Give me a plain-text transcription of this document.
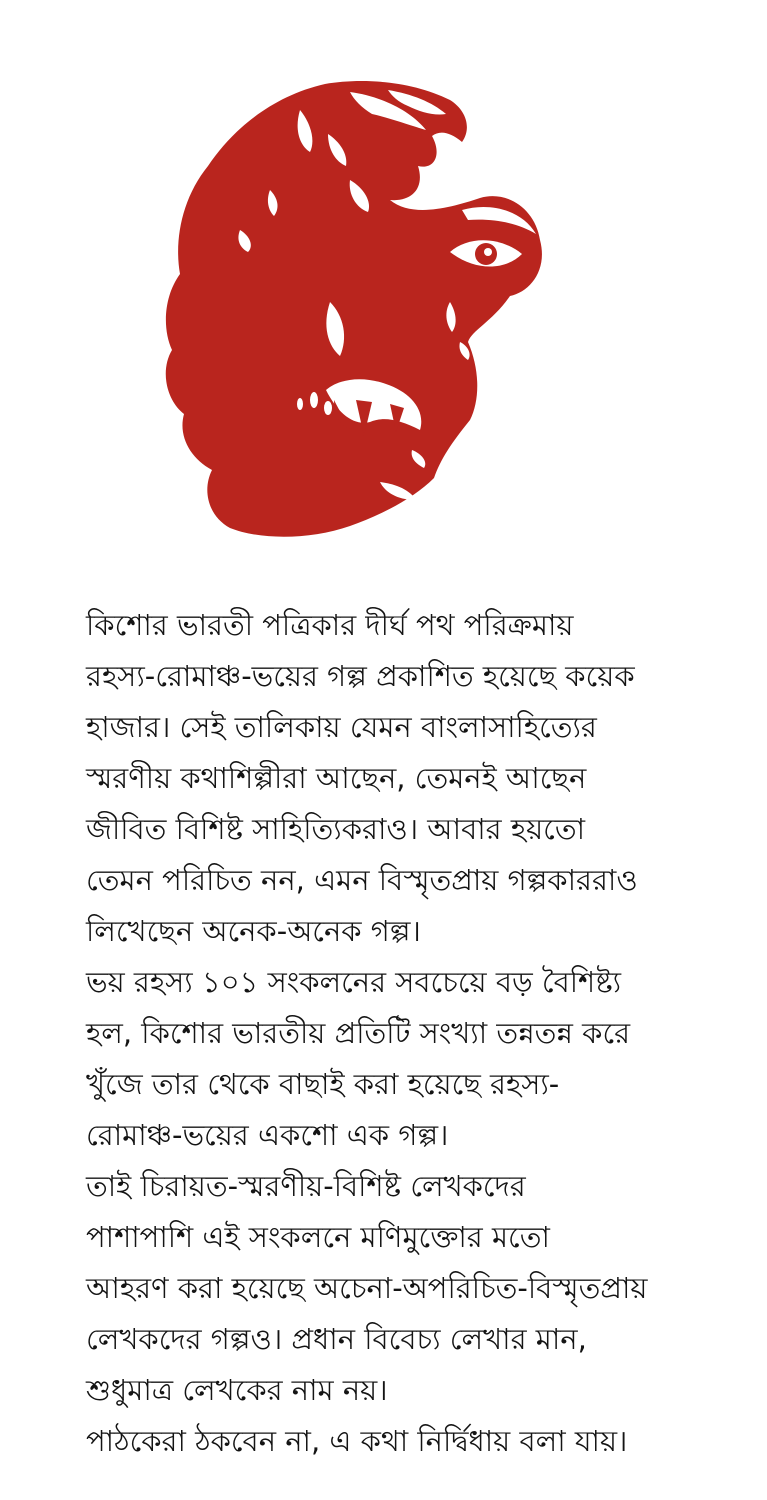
কিশোর ভারতী পত্রিকার দীর্ঘ পথ পরিক্রমায়
রহস্য-রোমাঞ্চ-ভয়ের গল্প প্রকাশিত হয়েছে কয়েক
হাজার। সেই তালিকায় যেমন বাংলাসাহিত্যের
স্মরণীয় কথাশিল্পীরা আছেন, তেমনই আছেন
জীবিত বিশিষ্ট সাহিত্যিকরাও। আবার হয়তো
তেমন পরিচিত নন, এমন বিস্মৃতপ্রায় গল্পকাররাও
লিখেছেন অনেক-অনেক গল্প।
ভয় রহস্য ১০১ সংকলনের সবচেয়ে বড় বৈশিষ্ট্য
হল, কিশোর ভারতীয় প্রতিটি সংখ্যা তন্নতন্ন করে
খুঁজে তার থেকে বাছাই করা হয়েছে রহস্য-
রোমাঞ্চ-ভয়ের একশো এক গল্প।
তাই চিরায়ত-স্মরণীয়-বিশিষ্ট লেখকদের
পাশাপাশি এই সংকলনে মণিমুক্তোর মতো
আহরণ করা হয়েছে অচেনা-অপরিচিত-বিস্মৃতপ্রায়
লেখকদের গল্পও। প্রধান বিবেচ্য লেখার মান,
শুধুমাত্র লেখকের নাম নয়।
পাঠকেরা ঠকবেন না, এ কথা নির্দ্বিধায় বলা যায়।
